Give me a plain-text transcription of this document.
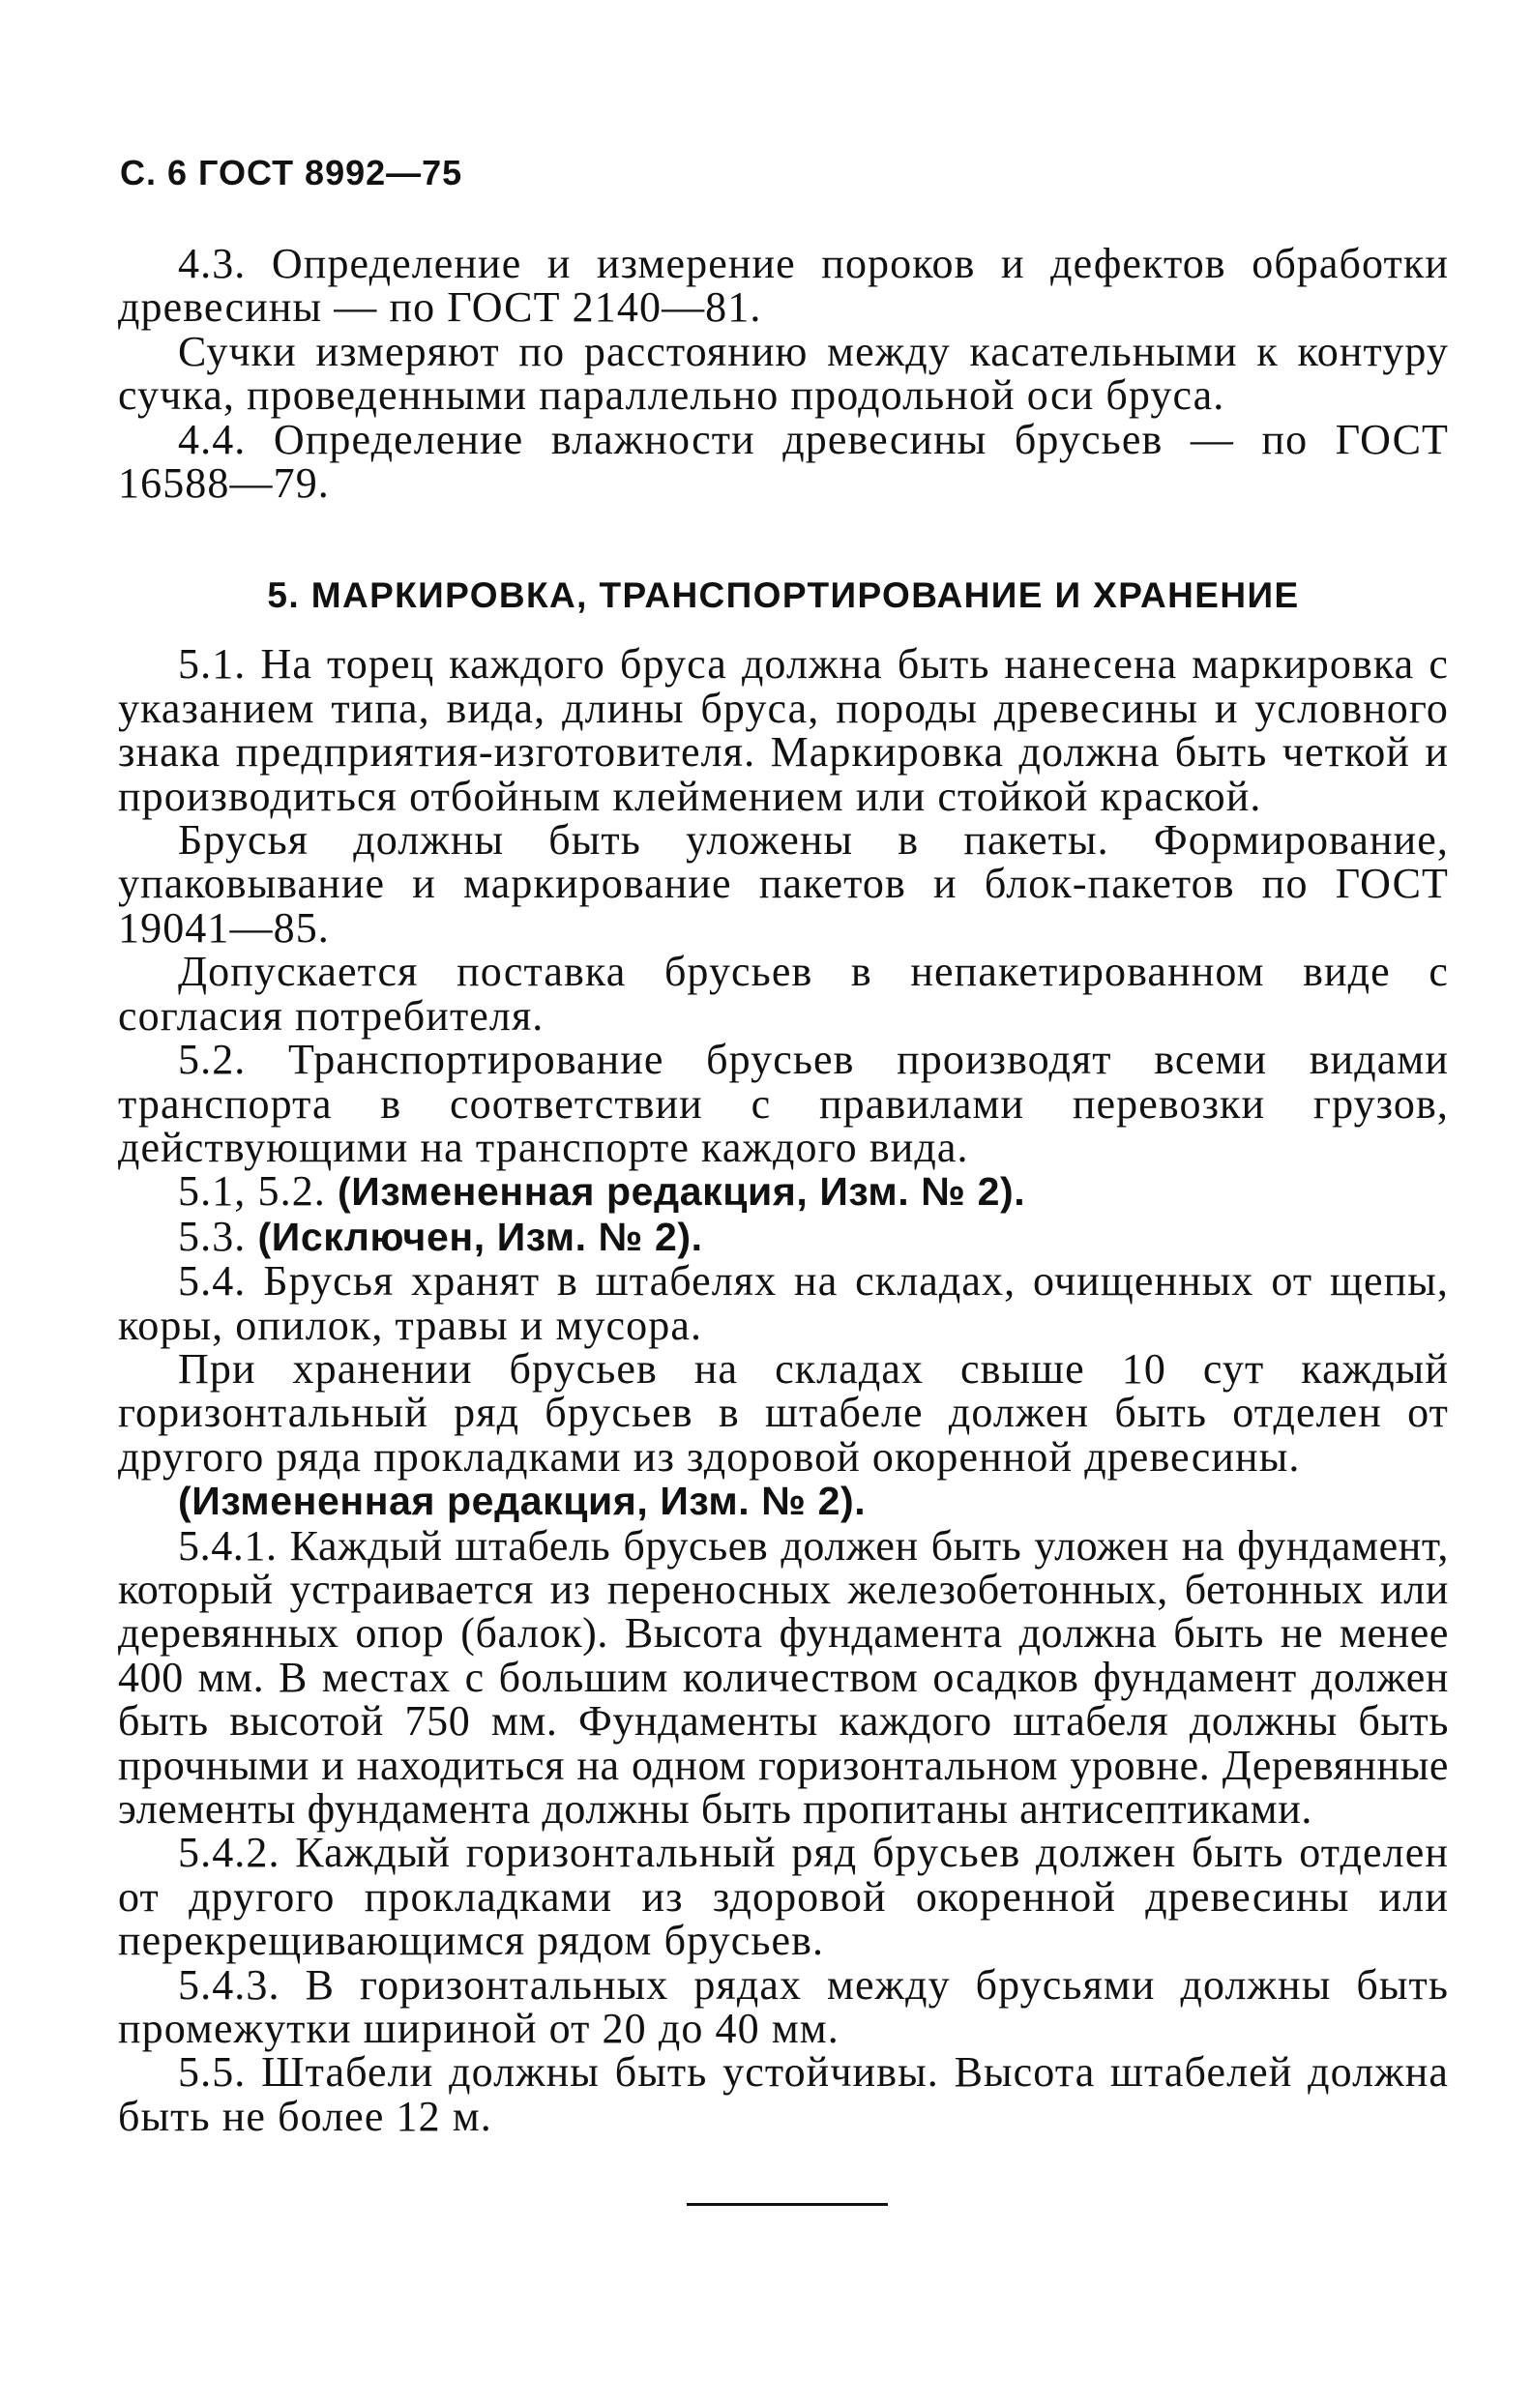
С. 6 ГОСТ 8992—75

4.3. Определение и измерение пороков и дефектов обработки древесины — по ГОСТ 2140—81.

Сучки измеряют по расстоянию между касательными к контуру сучка, проведенными параллельно продольной оси бруса.

4.4. Определение влажности древесины брусьев — по ГОСТ 16588—79.

5. МАРКИРОВКА, ТРАНСПОРТИРОВАНИЕ И ХРАНЕНИЕ

5.1. На торец каждого бруса должна быть нанесена маркировка с указанием типа, вида, длины бруса, породы древесины и условного знака предприятия-изготовителя. Маркировка должна быть четкой и производиться отбойным клеймением или стойкой краской.

Брусья должны быть уложены в пакеты. Формирование, упаковывание и маркирование пакетов и блок-пакетов по ГОСТ 19041—85.

Допускается поставка брусьев в непакетированном виде с согласия потребителя.

5.2. Транспортирование брусьев производят всеми видами транспорта в соответствии с правилами перевозки грузов, действующими на транспорте каждого вида.

5.1, 5.2. (Измененная редакция, Изм. № 2).

5.3. (Исключен, Изм. № 2).

5.4. Брусья хранят в штабелях на складах, очищенных от щепы, коры, опилок, травы и мусора.

При хранении брусьев на складах свыше 10 сут каждый горизонтальный ряд брусьев в штабеле должен быть отделен от другого ряда прокладками из здоровой окоренной древесины.

(Измененная редакция, Изм. № 2).

5.4.1. Каждый штабель брусьев должен быть уложен на фундамент, который устраивается из переносных железобетонных, бетонных или деревянных опор (балок). Высота фундамента должна быть не менее 400 мм. В местах с большим количеством осадков фундамент должен быть высотой 750 мм. Фундаменты каждого штабеля должны быть прочными и находиться на одном горизонтальном уровне. Деревянные элементы фундамента должны быть пропитаны антисептиками.

5.4.2. Каждый горизонтальный ряд брусьев должен быть отделен от другого прокладками из здоровой окоренной древесины или перекрещивающимся рядом брусьев.

5.4.3. В горизонтальных рядах между брусьями должны быть промежутки шириной от 20 до 40 мм.

5.5. Штабели должны быть устойчивы. Высота штабелей должна быть не более 12 м.
